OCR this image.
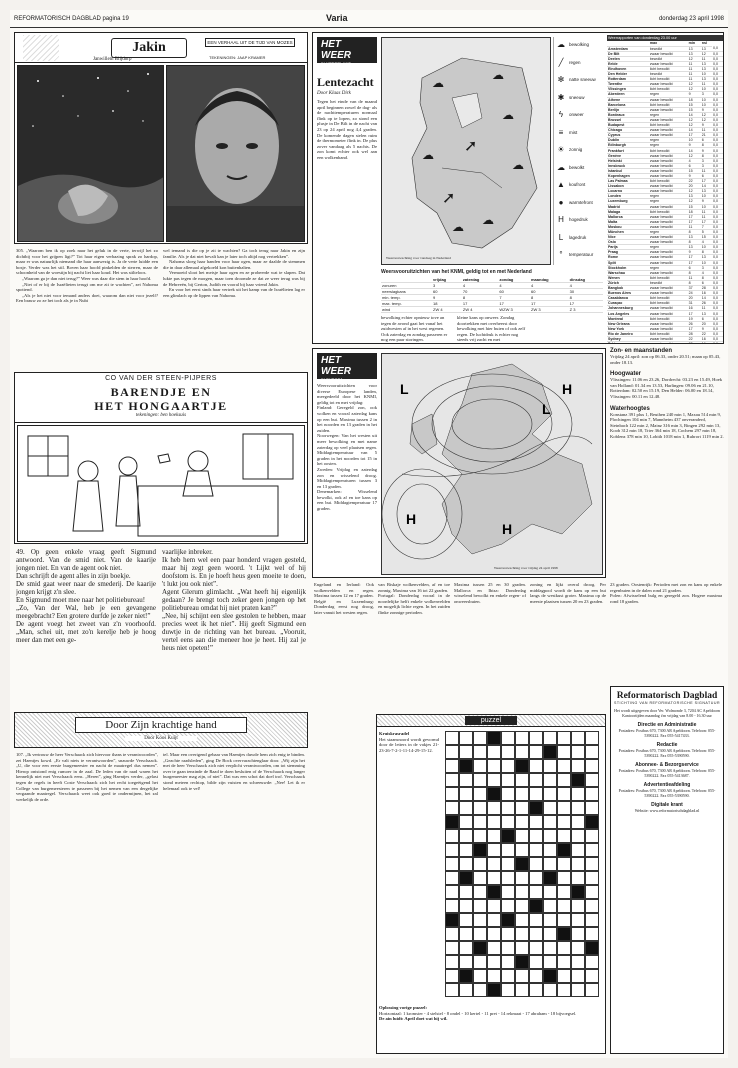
REFORMATORISCH DAGBLAD pagina 19	Varia	donderdag 23 april 1998
Jakin	EEN VERHAAL UIT DE TIJD VAN MOZES
Janwillem Blijdorp	TEKENINGEN: JAAP KRAMER

305. „Waarom ben ik op zoek naar het geluk in de verte, terwijl het zo dichtbij voor het grijpen ligt?” Tot haar eigen verbazing sprak zo hardop, maar er was natuurlijk niemand die haar aanwezig is. Ja de verte luidde een bosje. Verder was het stil. Boven haar hoofd pinkelden de sterren, maar de schoonheid van de woestijn bij nacht liet haar koud. Het was stilteloos.

„Waarom ga je dan niet terug?” Weer was daar die stem in haar hoofd.

„Niet of er bij de Israëlieten terugt om me zit te wachten”, zei Nahoma spottend.

„Als je het niet voor iemand anders doet, waarom dan niet voor jezelf? Een brauw zo ze het toch als je in Nubi

wel iemand is die op je zit te wachten? Ga toch terug naar Jakin en zijn familie. Als je dat niet bevalt kan je later toch altijd nog vertrekken”.

Nahoma sloeg haar handen voor haar ogen, maar ze daalde de stemmen die in daar allemaal afgekoeld kon buitenhalten.

Vermoeid sloot het meisje haar ogen en ze probeerde wat te slapen. Dat lukte pas tegen de morgen, maar toen droomde ze dat ze weer terug was bij de Hebreeën, bij Gerton, Judith en vooral bij haar vriend Jakin.

En voor het eerst sinds haar vertrek uit het kamp van de Israëlieten lag er een glimlach op de lippen van Nahoma.

CO VAN DER STEEN-PIJPERS
BARENDJE EN
HET HONGAARTJE
tekeningen: ben hoeksuis

49. Op geen enkele vraag geeft Sigmund antwoord. Van de smid niet. Van de kaarije jongen niet. En van de agent ook niet.

Dan schrijft de agent alles in zijn boekje.

De smid gaat weer naar de smederij. De kaarije jongen krijgt z'n slee.

En Sigmund moet mee naar het politiebureau!

„Zo, Van der Wal, heb je een gevangene meegebracht? Een grotere durfde je zeker niet!”

De agent voegt het zweet van z'n voorhoofd. „Man, schei uit, met zo'n kerelje heb je hoog meer dan met een ge-

vaarlijke inbreker.

Ik heb hem wel een paar honderd vragen gesteld, maar hij zegt geen woord. 't Lijkt wel of hij doofstom is. En je hoeft heus geen moeite te doen, 't lukt jou ook niet”.

Agent Glerum glimlacht. „Wat heeft hij eigenlijk gedaan? Je brengt toch zeker geen jongen op het politiebureau omdat hij niet praten kan?”

„Nee, hij schijnt een slee gestolen te hebben, maar precies weet ik het niet”. Hij geeft Sigmund een duwtje in de richting van het bureau. „Vooruit, vertel eens aan die meneer hoe je heet. Hij zal je heus niet opeten!”

Door Zijn krachtige hand
Door Koos Kuijt

107. „Ik vertrouw de heer Verschaack zich hiervoor thans te verantwoorden”, zei Haentjes kowd. „Er valt niets te verantwoorden”, snauwde Verschaack. „U, die voor een eerste burgemeester en nacht de maatregel dus nemen”. Hierop ontstond enig rumoer in de zaal. De leden van de raad waren het kennelijk niet met Verschaack eens. „Heren”, ging Haentjes verder, „gelast tegen de regels in heeft Coste Verschaack zich het recht toegeëigend het College van burgemeesteren te passeren bij het nemen van een dergelijke vergaande maatregel. Verschaack weet ook goed te ondermijnen, het zal werkelijk de orde.

tel. Maar een overigend gebaar van Haentjes duwde hem zich enig te binden. „Geachte raadsleden”, ging De Bock overvarachtenglaar door. „Wij zijn het met de heer Verschaack zich niet verplicht verantwoorden, om tot stemming over te gaan tenzinde de Raad te doen besluiten of de Verschaack nog langer burgemeester mag zijn, of niet”. Dat was een schot dat doel trof. Verschaack stond meteen rechtop, bilde zijn vuisten en schreeuwde: „Nee! Let ik er helemaal ook te vel!

HET WEER
IN NEDERLAND
Lentezacht
Door Klaas Dirk

Tegen het einde van de maand april beginnen zowel de dag- als de nachttemperaturen normaal flink op te lopen, zo stond een plusje in De Bilt in de nacht van 23 op 24 april nog 4,4 graden. De komende dagen stelen ruim de thermometer flink in. De plus zover vandaag als 5 nachts. De zon komt echter ook wel aan een wolkenband.

➚
➚
☁
☁
☁
☁
☁
☁
☁
Weersverwachting voor vandaag in Nederland
☁ bewolking
╱	regen
✻	natte sneeuw
✱	sneeuw
ϟ	onweer
≡	mist
☀ zonnig
☁ bewolkt
▲ koufront
●	warmtefront
H	hogedruk
L	lagedruk
°	temperatuur
Weersvooruitzichten van het KNMI, geldig tot en met Nederland
	vrijdag	zaterdag	zondag	maandag	dinsdag
zonuren	3	4	4	4	4
neerslagkans	60	70	60	60	30
min. temp.	9	8	7	8	8
max. temp.	18	17	17	17	17
wind	ZW 4	ZW 4	WZW 3	ZW 3	Z 3
bewolking echter opnieuw tove an tegen de avond gaat het vanaf het zuidwesten af in het west regenen. Ook zaterdag en zondag passeren er nog een paar storingen.
kleine kans op onweer. Zondag doortrekken met overheerst door bewolking met hier buien of ook zelf regen. De luchtdruk is echter nog steeds vrij zacht en met
Weerrapporten van donderdag 23.00 uur
	max	min	nsl	
Amsterdam	bewolkt	13	13	0,0
De Bilt	zwaar bewolkt	13	12	0,0
Deelen	bewolkt	12	11	0,0
Eelde	zwaar bewolkt	11	13	0,0
Eindhoven	licht bewolkt	11	13	0,0
Den Helder	bewolkt	11	10	0,0
Rotterdam	licht bewolkt	11	13	0,0
Twenthe	zwaar bewolkt	12	11	0,0
Vlissingen	licht bewolkt	12	10	0,0
Aberdeen	regen	9	3	0,0
Athene	zwaar bewolkt	18	10	0,0
Barcelona	licht bewolkt	15	10	0,0
Berlijn	zwaar bewolkt	15	9	0,0
Bordeaux	regen	14	12	0,0
Brussel	zwaar bewolkt	12	12	0,0
Budapest	licht bewolkt	12	9	0,0
Chicago	zwaar bewolkt	14	11	0,0
Cyprus	zwaar bewolkt	17	21	0,0
Dublin	regen	10	6	0,0
Edinburgh	regen	9	8	0,0
Frankfurt	licht bewolkt	14	9	0,0
Genève	zwaar bewolkt	12	8	0,0
Helsinki	zwaar bewolkt	4	3	0,0
Innsbruck	zwaar bewolkt	6	3	0,0
Istanbul	zwaar bewolkt	15	11	0,0
Kopenhagen	zwaar bewolkt	9	6	0,0
Las Palmas	licht bewolkt	22	17	0,0
Lissabon	zwaar bewolkt	20	14	0,0
Locarno	zwaar bewolkt	12	13	0,0
Londen	regen	13	10	0,0
Luxemburg	regen	12	9	0,0
Madrid	zwaar bewolkt	15	10	0,0
Malaga	licht bewolkt	18	11	0,0
Mallorca	zwaar bewolkt	17	11	0,0
Malta	zwaar bewolkt	17	17	0,0
Moskou	zwaar bewolkt	11	7	0,0
München	regen	8	5	0,0
Nice	zwaar bewolkt	13	15	0,0
Oslo	zwaar bewolkt	8	4	0,0
Parijs	regen	13	10	0,0
Praag	zwaar bewolkt	9	8	0,0
Rome	zwaar bewolkt	17	13	0,0
Split	zwaar bewolkt	17	10	0,0
Stockholm	regen	6	3	0,0
Warschau	zwaar bewolkt	8	4	0,0
Wenen	licht bewolkt	11	8	0,0
Zürich	bewolkt	8	6	0,0
Bangkok	zwaar bewolkt	37	28	0,0
Buenos Aires	zwaar bewolkt	24	16	0,0
Casablanca	licht bewolkt	20	14	0,0
Curaçao	licht bewolkt	31	26	0,0
Johannesburg	zwaar bewolkt	16	11	0,0
Los Angeles	zwaar bewolkt	17	13	0,0
Montreal	licht bewolkt	19	6	0,0
New Orleans	zwaar bewolkt	26	20	0,0
New York	zwaar bewolkt	17	9	0,0
Rio de Janeiro	licht bewolkt	28	22	0,0
Sydney	zwaar bewolkt	22	16	0,0

Zon- en maanstanden
Vrijdag 24 april: zon op 06.33, onder 20.51; maan op 05.43, onder 18.13.
Hoogwater
Vlissingen: 11.06 en 23.26, Dordrecht: 03.23 en 15.49, Hoek van Holland: 01.34 en 13.53, Harlingen: 09.06 en 21.10, Rotterdam: 02.50 en 15.19, Den Helder: 06.00 en 18.14, Vlissingen: 00.11 en 12.48.
Waterhoogtes
Konstanz 391 plus 1, Beuthen 240 min 1, Maxau 514 min 9, Plochingen 104 min 7, Mannheim 437 onveranderd, Steinbach 122 min 2, Mainz 316 min 3, Bingen 292 min 13, Koob 312 min 18, Trier 364 min 18, Cochem 297 min 18, Koblenz 378 min 10, Lobith 1018 min 1, Ruhrort 1119 min 2.
HET WEER
IN EUROPA

Weersvooruitzichten voor diverse Europese landen, meegedeeld door het KNMI, geldig tot en met vrijdag:

Finland: Geregeld zon, ook wolken en vooral zaterdag kans op een bui. Maxima tussen 2 in het noorden en 13 graden in het zuiden.

Noorwegen: Van het westen uit meer bewolking en met name zaterdag op veel plaatsen regen. Middagtemperatuur van 5 graden in het noorden tot 15 in het oosten.

Zweden: Vrijdag en zaterdag zon en wisselend droog. Middagtemperaturen tussen 3 en 13 graden.

Denemarken: Wisselend bewolkt, ook af en toe kans op een bui. Middagtemperatuur 17 graden.

L
L
H
H
H
Weersverwachting voor vrijdag 24 april 1998

Engeland en Ierland: Ook wolkenvelden en regen. Maxima tussen 12 en 17 graden.

België en Luxemburg: Donderdag eerst nog droog, later vanuit het westen regen.

van Biskaje wolkenvelden, af en toe zonnig. Maxima van 16 tot 22 graden.

Portugal: Donderdag vooral in de noordelijke helft enkele wolkenvelden en mogelijk lichte regen. In het zuiden flinke zonnige perioden.

Maxima tussen 25 en 30 graden. Mallorca en Ibiza: Donderdag wisselend bewolkt en enkele regen- of onweersbuien.

zoning en lijkt overal droog. Per middagpool wordt de kans op een bui langs de westkust groter. Maxima op de meeste plaatsen tussen 20 en 23 graden.

23 graden. Oostenrijk: Perioden met zon en kans op enkele regenbuien in de dalen rond 21 graden.

Polen: Afwisselend bulg en geregeld zon. Hogere maxima rond 18 graden.

puzzel

Kruiskrasradel

Het staansnoord wordt gevormd door de letters in de vakjes 21-23-26-7-2-1-11-14-29-15-12.

Oplossing vorige puzzel:

Horizontaal: 1 kromster - 4 stelstel - 8 ondel - 10 kertel - 11 pret - 14 rekmaat - 17 abraham - 18 bijvoegsel.

De ain luidt: April doet wat hij wil.

Reformatorisch Dagblad
STICHTING VAN REFORMATORISCHE SIGNATUUR
Het wordt uitgegeven door Ver. Wolmonde 3, 7204 AC Apeldoorn
Kantoortijden maandag t/m vrijdag van 8.00 - 16.30 uur
Directie en Administratie
Postadres: Postbus 670, 7300 AR Apeldoorn. Telefoon: 055-5390222. Fax 055-5417433.
Redactie
Postadres: Postbus 670, 7300 AR Apeldoorn. Telefoon: 055-5390222. Fax 055-5390590.
Abonnee- & Bezorgservice
Postadres: Postbus 670, 7300 AR Apeldoorn. Telefoon: 055-5390222. Fax 055-5413687.
Advertentieafdeling
Postadres: Postbus 670, 7300 AR Apeldoorn. Telefoon: 055-5390222. Fax 055-5390590.
Digitale krant
Website: www.reformatorischdagblad.nl
